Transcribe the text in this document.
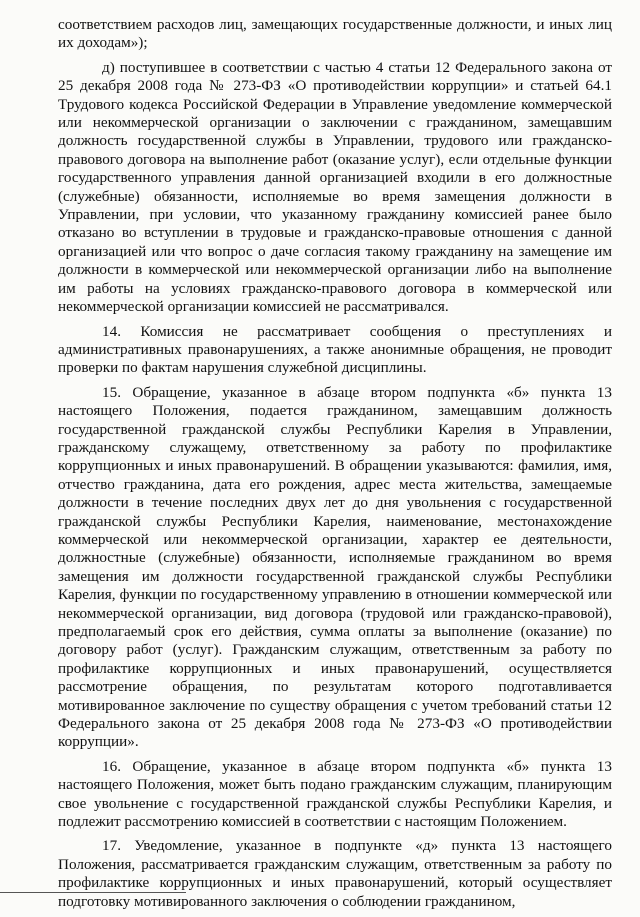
соответствием расходов лиц, замещающих государственные должности, и иных лиц их доходам»);

д) поступившее в соответствии с частью 4 статьи 12 Федерального закона от 25 декабря 2008 года № 273-ФЗ «О противодействии коррупции» и статьей 64.1 Трудового кодекса Российской Федерации в Управление уведомление коммерческой или некоммерческой организации о заключении с гражданином, замещавшим должность государственной службы в Управлении, трудового или гражданско-правового договора на выполнение работ (оказание услуг), если отдельные функции государственного управления данной организацией входили в его должностные (служебные) обязанности, исполняемые во время замещения должности в Управлении, при условии, что указанному гражданину комиссией ранее было отказано во вступлении в трудовые и гражданско-правовые отношения с данной организацией или что вопрос о даче согласия такому гражданину на замещение им должности в коммерческой или некоммерческой организации либо на выполнение им работы на условиях гражданско-правового договора в коммерческой или некоммерческой организации комиссией не рассматривался.

14. Комиссия не рассматривает сообщения о преступлениях и административных правонарушениях, а также анонимные обращения, не проводит проверки по фактам нарушения служебной дисциплины.

15. Обращение, указанное в абзаце втором подпункта «б» пункта 13 настоящего Положения, подается гражданином, замещавшим должность государственной гражданской службы Республики Карелия в Управлении, гражданскому служащему, ответственному за работу по профилактике коррупционных и иных правонарушений. В обращении указываются: фамилия, имя, отчество гражданина, дата его рождения, адрес места жительства, замещаемые должности в течение последних двух лет до дня увольнения с государственной гражданской службы Республики Карелия, наименование, местонахождение коммерческой или некоммерческой организации, характер ее деятельности, должностные (служебные) обязанности, исполняемые гражданином во время замещения им должности государственной гражданской службы Республики Карелия, функции по государственному управлению в отношении коммерческой или некоммерческой организации, вид договора (трудовой или гражданско-правовой), предполагаемый срок его действия, сумма оплаты за выполнение (оказание) по договору работ (услуг). Гражданским служащим, ответственным за работу по профилактике коррупционных и иных правонарушений, осуществляется рассмотрение обращения, по результатам которого подготавливается мотивированное заключение по существу обращения с учетом требований статьи 12 Федерального закона от 25 декабря 2008 года № 273-ФЗ «О противодействии коррупции».

16. Обращение, указанное в абзаце втором подпункта «б» пункта 13 настоящего Положения, может быть подано гражданским служащим, планирующим свое увольнение с государственной гражданской службы Республики Карелия, и подлежит рассмотрению комиссией в соответствии с настоящим Положением.

17. Уведомление, указанное в подпункте «д» пункта 13 настоящего Положения, рассматривается гражданским служащим, ответственным за работу по профилактике коррупционных и иных правонарушений, который осуществляет подготовку мотивированного заключения о соблюдении гражданином,
